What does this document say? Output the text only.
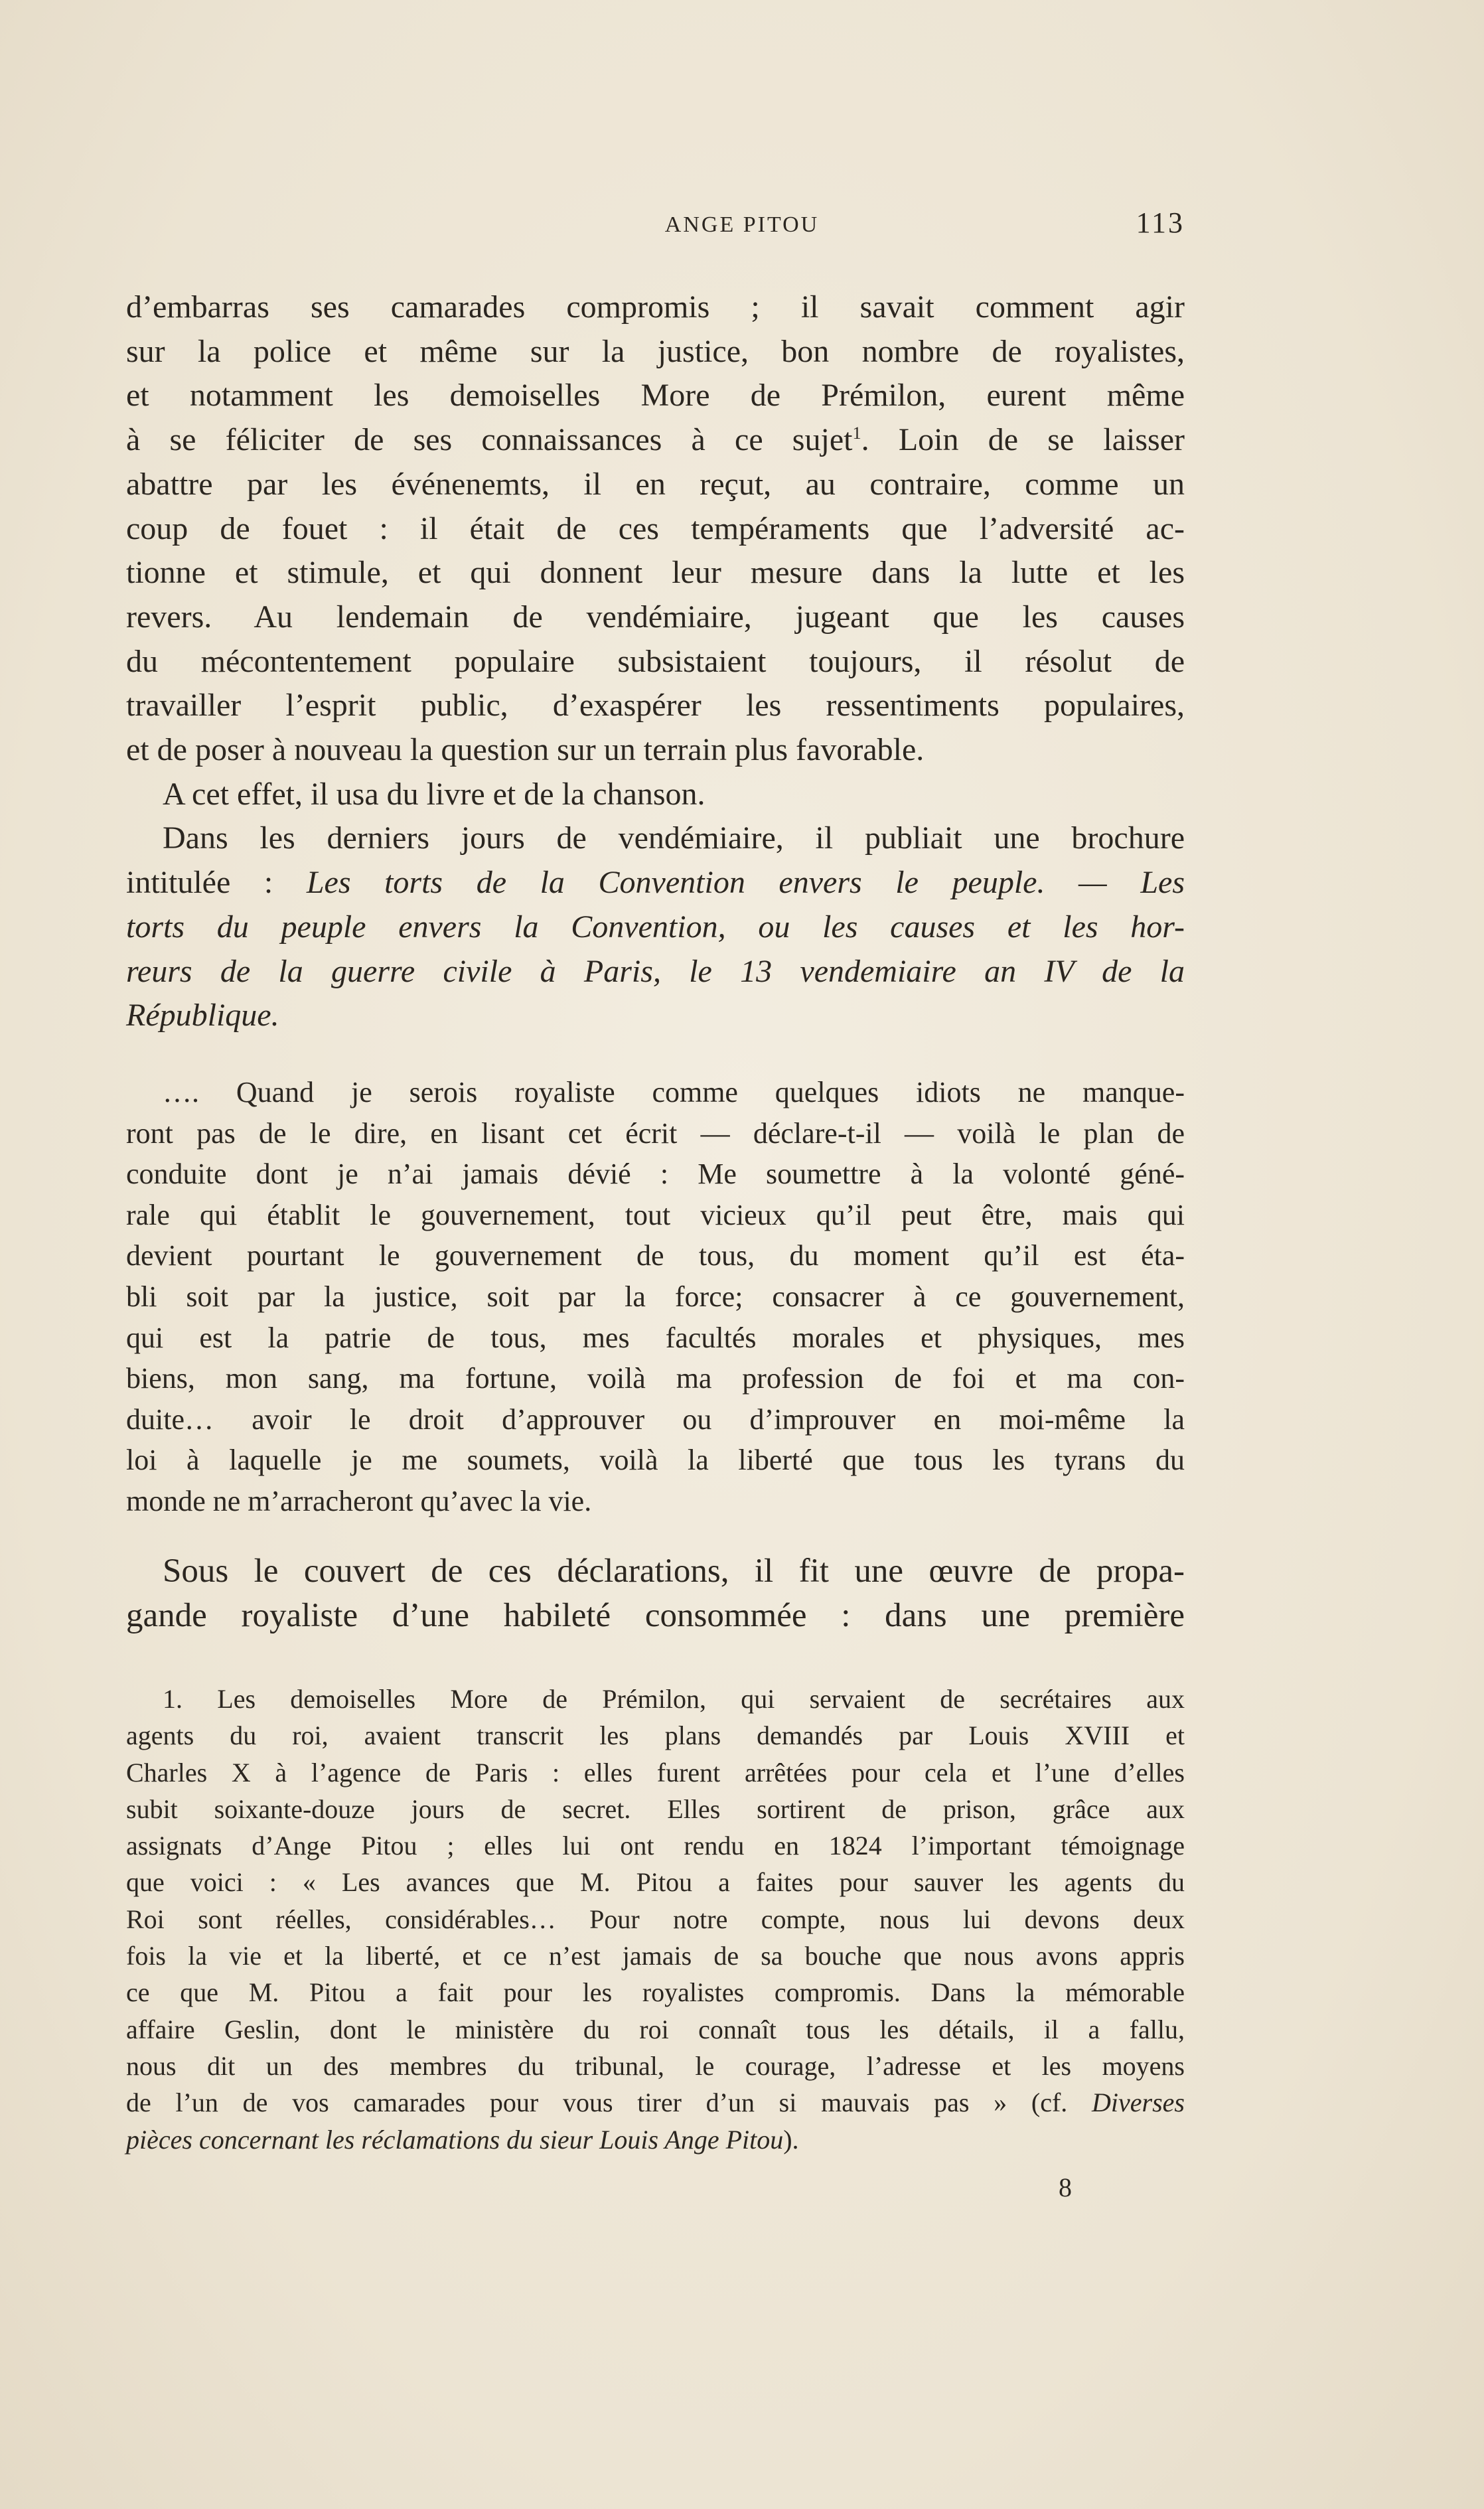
ANGE PITOU	113
d’embarras ses camarades compromis ; il savait comment agir
sur la police et même sur la justice, bon nombre de royalistes,
et notamment les demoiselles More de Prémilon, eurent même
à se féliciter de ses connaissances à ce sujet$^1$. Loin de se laisser
abattre par les événenemts, il en reçut, au contraire, comme un
coup de fouet : il était de ces tempéraments que l’adversité ac-
tionne et stimule, et qui donnent leur mesure dans la lutte et les
revers. Au lendemain de vendémiaire, jugeant que les causes
du mécontentement populaire subsistaient toujours, il résolut de
travailler l’esprit public, d’exaspérer les ressentiments populaires,
et de poser à nouveau la question sur un terrain plus favorable.
A cet effet, il usa du livre et de la chanson.
Dans les derniers jours de vendémiaire, il publiait une brochure
intitulée : Les torts de la Convention envers le peuple. — Les
torts du peuple envers la Convention, ou les causes et les hor-
reurs de la guerre civile à Paris, le 13 vendemiaire an IV de la
République.
…. Quand je serois royaliste comme quelques idiots ne manque-
ront pas de le dire, en lisant cet écrit — déclare-t-il — voilà le plan de
conduite dont je n’ai jamais dévié : Me soumettre à la volonté géné-
rale qui établit le gouvernement, tout vicieux qu’il peut être, mais qui
devient pourtant le gouvernement de tous, du moment qu’il est éta-
bli soit par la justice, soit par la force; consacrer à ce gouvernement,
qui est la patrie de tous, mes facultés morales et physiques, mes
biens, mon sang, ma fortune, voilà ma profession de foi et ma con-
duite… avoir le droit d’approuver ou d’improuver en moi-même la
loi à laquelle je me soumets, voilà la liberté que tous les tyrans du
monde ne m’arracheront qu’avec la vie.
Sous le couvert de ces déclarations, il fit une œuvre de propa-
gande royaliste d’une habileté consommée : dans une première
1. Les demoiselles More de Prémilon, qui servaient de secrétaires aux
agents du roi, avaient transcrit les plans demandés par Louis XVIII et
Charles X à l’agence de Paris : elles furent arrêtées pour cela et l’une d’elles
subit soixante-douze jours de secret. Elles sortirent de prison, grâce aux
assignats d’Ange Pitou ; elles lui ont rendu en 1824 l’important témoignage
que voici : « Les avances que M. Pitou a faites pour sauver les agents du
Roi sont réelles, considérables… Pour notre compte, nous lui devons deux
fois la vie et la liberté, et ce n’est jamais de sa bouche que nous avons appris
ce que M. Pitou a fait pour les royalistes compromis. Dans la mémorable
affaire Geslin, dont le ministère du roi connaît tous les détails, il a fallu,
nous dit un des membres du tribunal, le courage, l’adresse et les moyens
de l’un de vos camarades pour vous tirer d’un si mauvais pas » (cf. Diverses
pièces concernant les réclamations du sieur Louis Ange Pitou).
8
